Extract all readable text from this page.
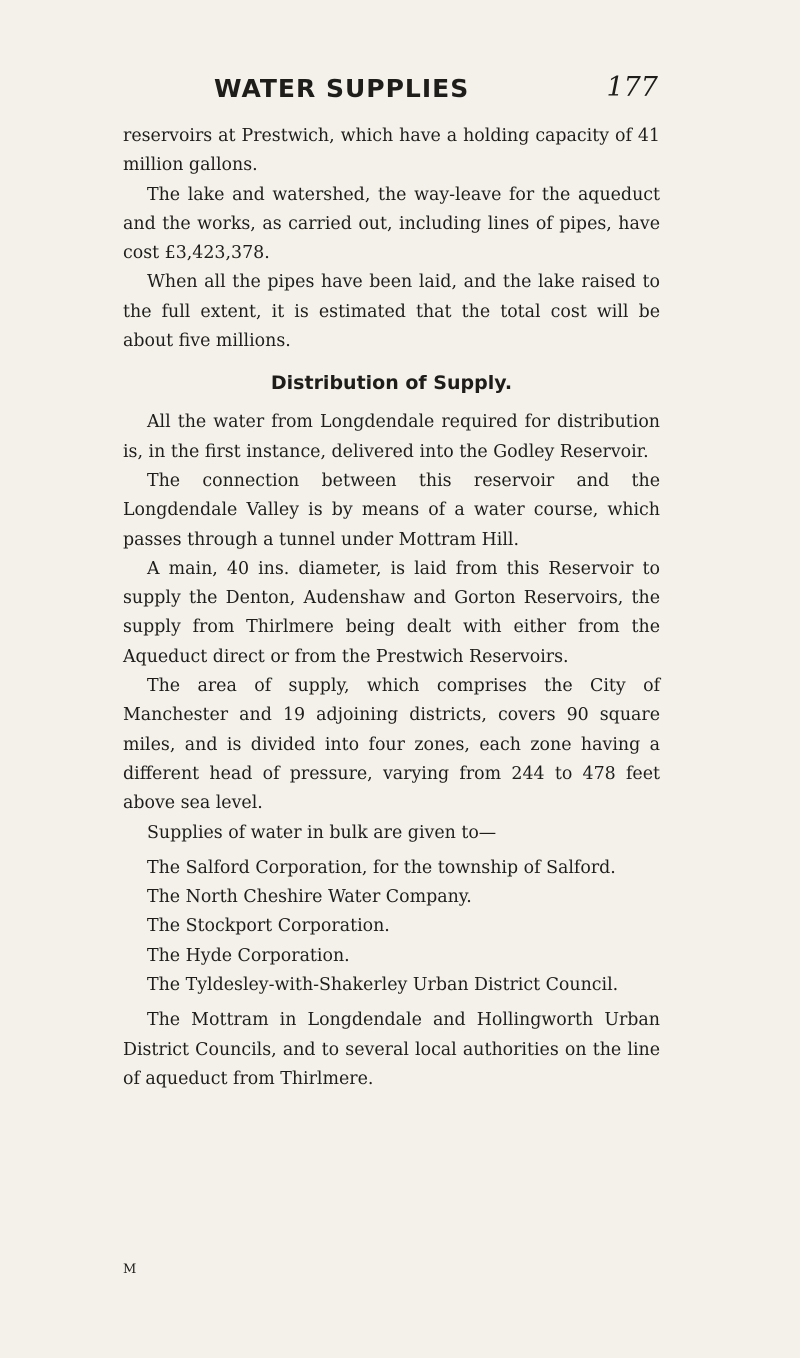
WATER SUPPLIES	177

reservoirs at Prestwich, which have a holding capacity of 41 million gallons.

The lake and watershed, the way-leave for the aqueduct and the works, as carried out, including lines of pipes, have cost £3,423,378.

When all the pipes have been laid, and the lake raised to the full extent, it is estimated that the total cost will be about five millions.

Distribution of Supply.

All the water from Longdendale required for distribution is, in the first instance, delivered into the Godley Reservoir.

The connection between this reservoir and the Longdendale Valley is by means of a water course, which passes through a tunnel under Mottram Hill.

A main, 40 ins. diameter, is laid from this Reservoir to supply the Denton, Audenshaw and Gorton Reservoirs, the supply from Thirlmere being dealt with either from the Aqueduct direct or from the Prestwich Reservoirs.

The area of supply, which comprises the City of Manchester and 19 adjoining districts, covers 90 square miles, and is divided into four zones, each zone having a different head of pressure, varying from 244 to 478 feet above sea level.

Supplies of water in bulk are given to—

The Salford Corporation, for the township of Salford.
The North Cheshire Water Company.
The Stockport Corporation.
The Hyde Corporation.
The Tyldesley-with-Shakerley Urban District Council.

The Mottram in Longdendale and Hollingworth Urban District Councils, and to several local authorities on the line of aqueduct from Thirlmere.

M
